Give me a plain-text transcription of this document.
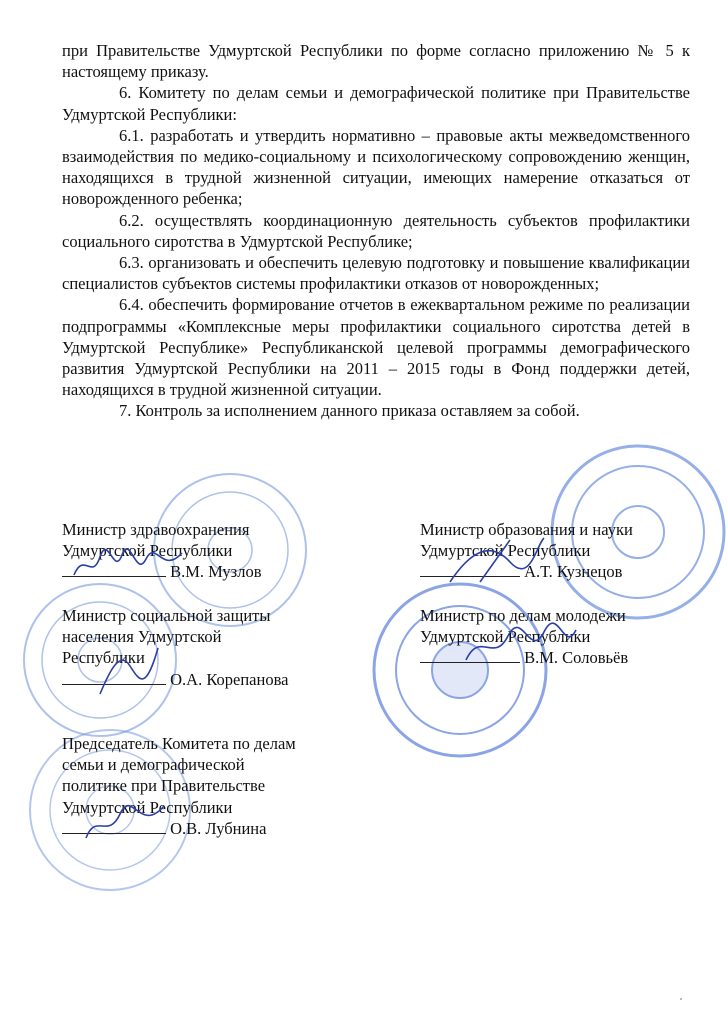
при Правительстве Удмуртской Республики по форме согласно приложению № 5 к настоящему приказу.

6. Комитету по делам семьи и демографической политике при Правительстве Удмуртской Республики:

6.1. разработать и утвердить нормативно – правовые акты межведомственного взаимодействия по медико-социальному и психологическому сопровождению женщин, находящихся в трудной жизненной ситуации, имеющих намерение отказаться от новорожденного ребенка;

6.2. осуществлять координационную деятельность субъектов профилактики социального сиротства в Удмуртской Республике;

6.3. организовать и обеспечить целевую подготовку и повышение квалификации специалистов субъектов системы профилактики отказов от новорожденных;

6.4. обеспечить формирование отчетов в ежеквартальном режиме по реализации подпрограммы «Комплексные меры профилактики социального сиротства детей в Удмуртской Республике» Республиканской целевой программы демографического развития Удмуртской Республики на 2011 – 2015 годы в Фонд поддержки детей, находящихся в трудной жизненной ситуации.

7. Контроль за исполнением данного приказа оставляем за собой.

Министр здравоохранения
Удмуртской Республики
В.М. Музлов
Министр образования и науки
Удмуртской Республики
А.Т. Кузнецов
Министр социальной защиты
населения Удмуртской
Республики
О.А. Корепанова
Министр по делам молодежи
Удмуртской Республики
В.М. Соловьёв
Председатель Комитета по делам
семьи и демографической
политике при Правительстве
Удмуртской Республики
О.В. Лубнина
